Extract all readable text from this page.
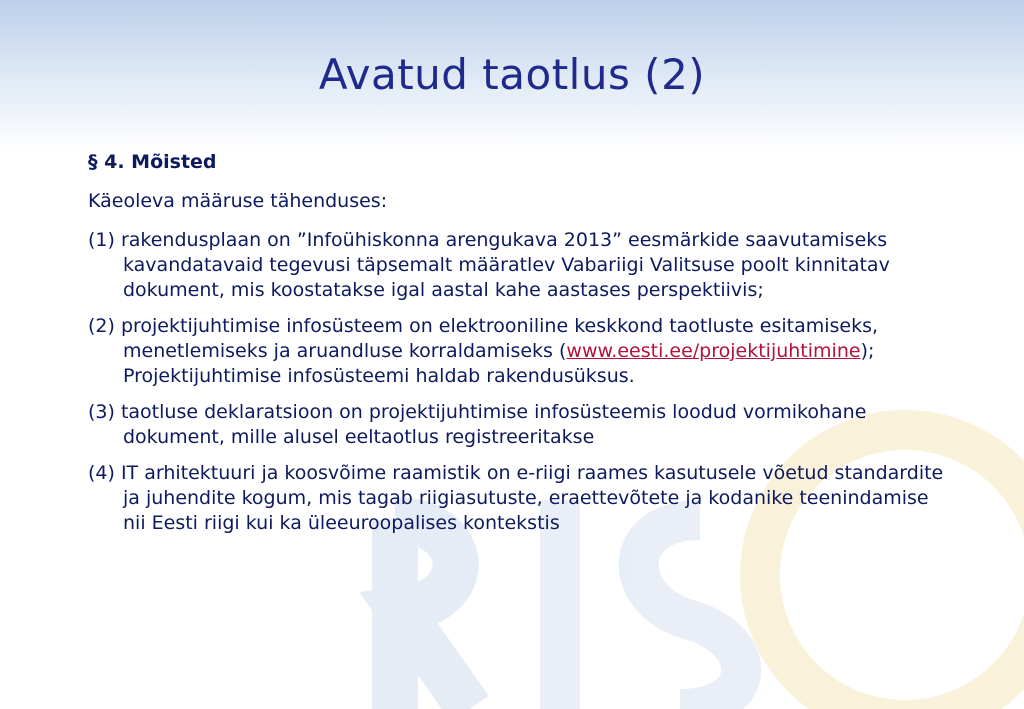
Avatud taotlus (2)

§ 4. Mõisted

Käeoleva määruse tähenduses:

(1) rakendusplaan on ”Infoühiskonna arengukava 2013” eesmärkide saavutamiseks kavandatavaid tegevusi täpsemalt määratlev Vabariigi Valitsuse poolt kinnitatav dokument, mis koostatakse igal aastal kahe aastases perspektiivis;

(2) projektijuhtimise infosüsteem on elektrooniline keskkond taotluste esitamiseks, menetlemiseks ja aruandluse korraldamiseks (www.eesti.ee/projektijuhtimine); Projektijuhtimise infosüsteemi haldab rakendusüksus.

(3) taotluse deklaratsioon on projektijuhtimise infosüsteemis loodud vormikohane dokument, mille alusel eeltaotlus registreeritakse

(4) IT arhitektuuri ja koosvõime raamistik on e-riigi raames kasutusele võetud standardite ja juhendite kogum, mis tagab riigiasutuste, eraettevõtete ja kodanike teenindamise nii Eesti riigi kui ka üleeuroopalises kontekstis
